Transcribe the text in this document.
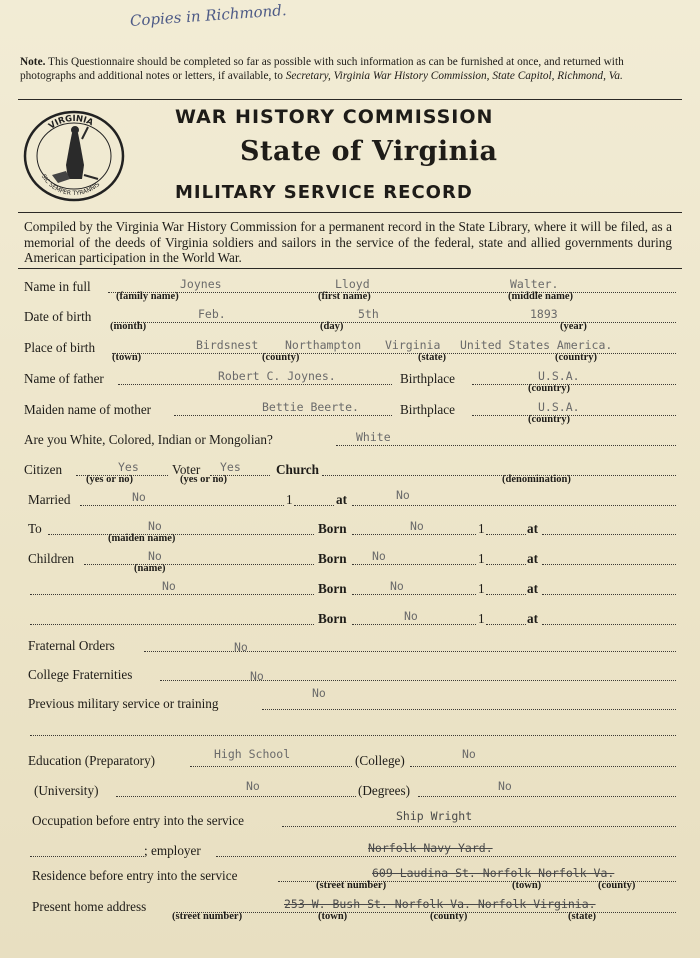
Copies in Richmond.
Note. This Questionnaire should be completed so far as possible with such information as can be furnished at once, and returned with photographs and additional notes or letters, if available, to Secretary, Virginia War History Commission, State Capitol, Richmond, Va.
VIRGINIA
SIC SEMPER TYRANNIS
WAR HISTORY COMMISSION
State of Virginia
MILITARY SERVICE RECORD
Compiled by the Virginia War History Commission for a permanent record in the State Library, where it will be filed, as a memorial of the deeds of Virginia soldiers and sailors in the service of the federal, state and allied governments during American participation in the World War.
Name in full	Joynes	Lloyd	Walter.
(family name)	(first name)	(middle name)
Date of birth	Feb.	5th	1893
(month)	(day)	(year)
Place of birth	Birdsnest Northampton Virginia United States America.
(town)	(county)	(state)	(country)
Name of father	Robert C. Joynes.	Birthplace	U.S.A.
(country)
Maiden name of mother	Bettie Beerte.	Birthplace	U.S.A.
(country)
Are you White, Colored, Indian or Mongolian?	White
Citizen	Yes	Voter Yes	Church
(yes or no)	(yes or no)	(denomination)
Married	No	1	at	No
To	No	Born	No	1	at
(maiden name)
Children	No	Born No	1	at
(name)
No	Born	No	1	at
Born	No	1	at
Fraternal Orders	No
College Fraternities	No
Previous military service or training
No
Education (Preparatory)	High School	(College)	No
(University)	No	(Degrees)	No
Occupation before entry into the service	Ship Wright
; employer	Norfolk Navy Yard.
Residence before entry into the service	609 Laudina St. Norfolk Norfolk Va.
(street number)	(town)	(county)
Present home address	253 W. Bush St. Norfolk Va. Norfolk Virginia.
(street number)	(town)	(county)	(state)
